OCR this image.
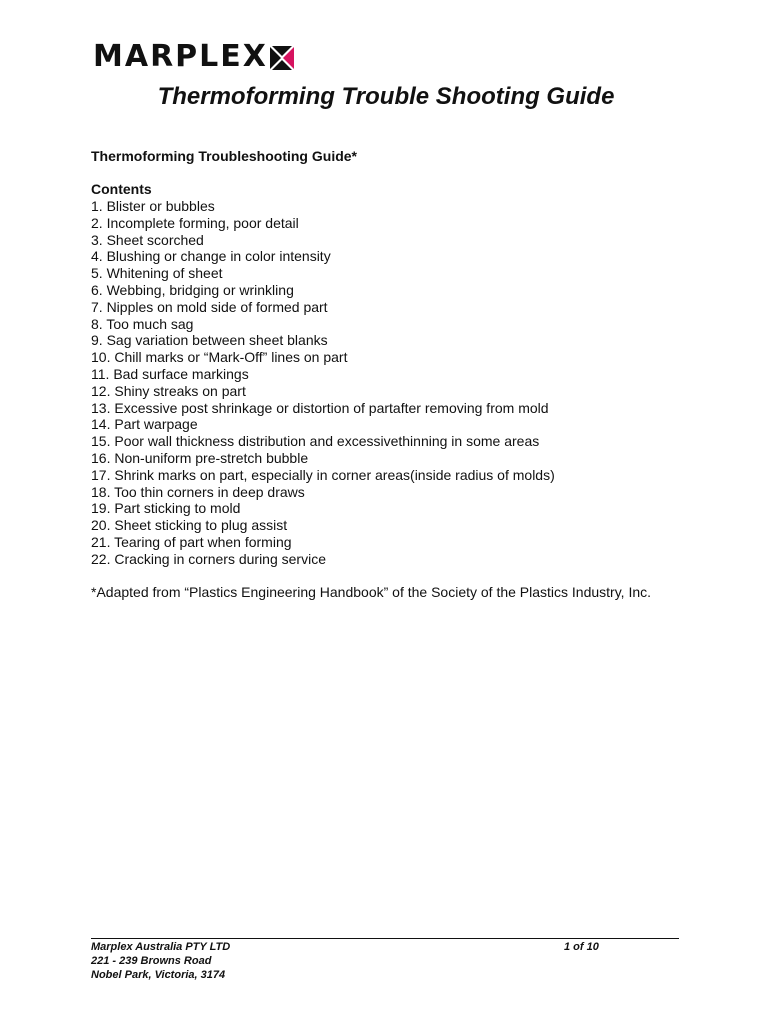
MARPLEX
Thermoforming Trouble Shooting Guide

Thermoforming Troubleshooting Guide*

Contents

1. Blister or bubbles
2. Incomplete forming, poor detail
3. Sheet scorched
4. Blushing or change in color intensity
5. Whitening of sheet
6. Webbing, bridging or wrinkling
7. Nipples on mold side of formed part
8. Too much sag
9. Sag variation between sheet blanks
10. Chill marks or “Mark-Off” lines on part
11. Bad surface markings
12. Shiny streaks on part
13. Excessive post shrinkage or distortion of partafter removing from mold
14. Part warpage
15. Poor wall thickness distribution and excessivethinning in some areas
16. Non-uniform pre-stretch bubble
17. Shrink marks on part, especially in corner areas(inside radius of molds)
18. Too thin corners in deep draws
19. Part sticking to mold
20. Sheet sticking to plug assist
21. Tearing of part when forming
22. Cracking in corners during service

*Adapted from “Plastics Engineering Handbook” of the Society of the Plastics Industry, Inc.

Marplex Australia PTY LTD
221 - 239 Browns Road
Nobel Park, Victoria, 3174
1 of 10
